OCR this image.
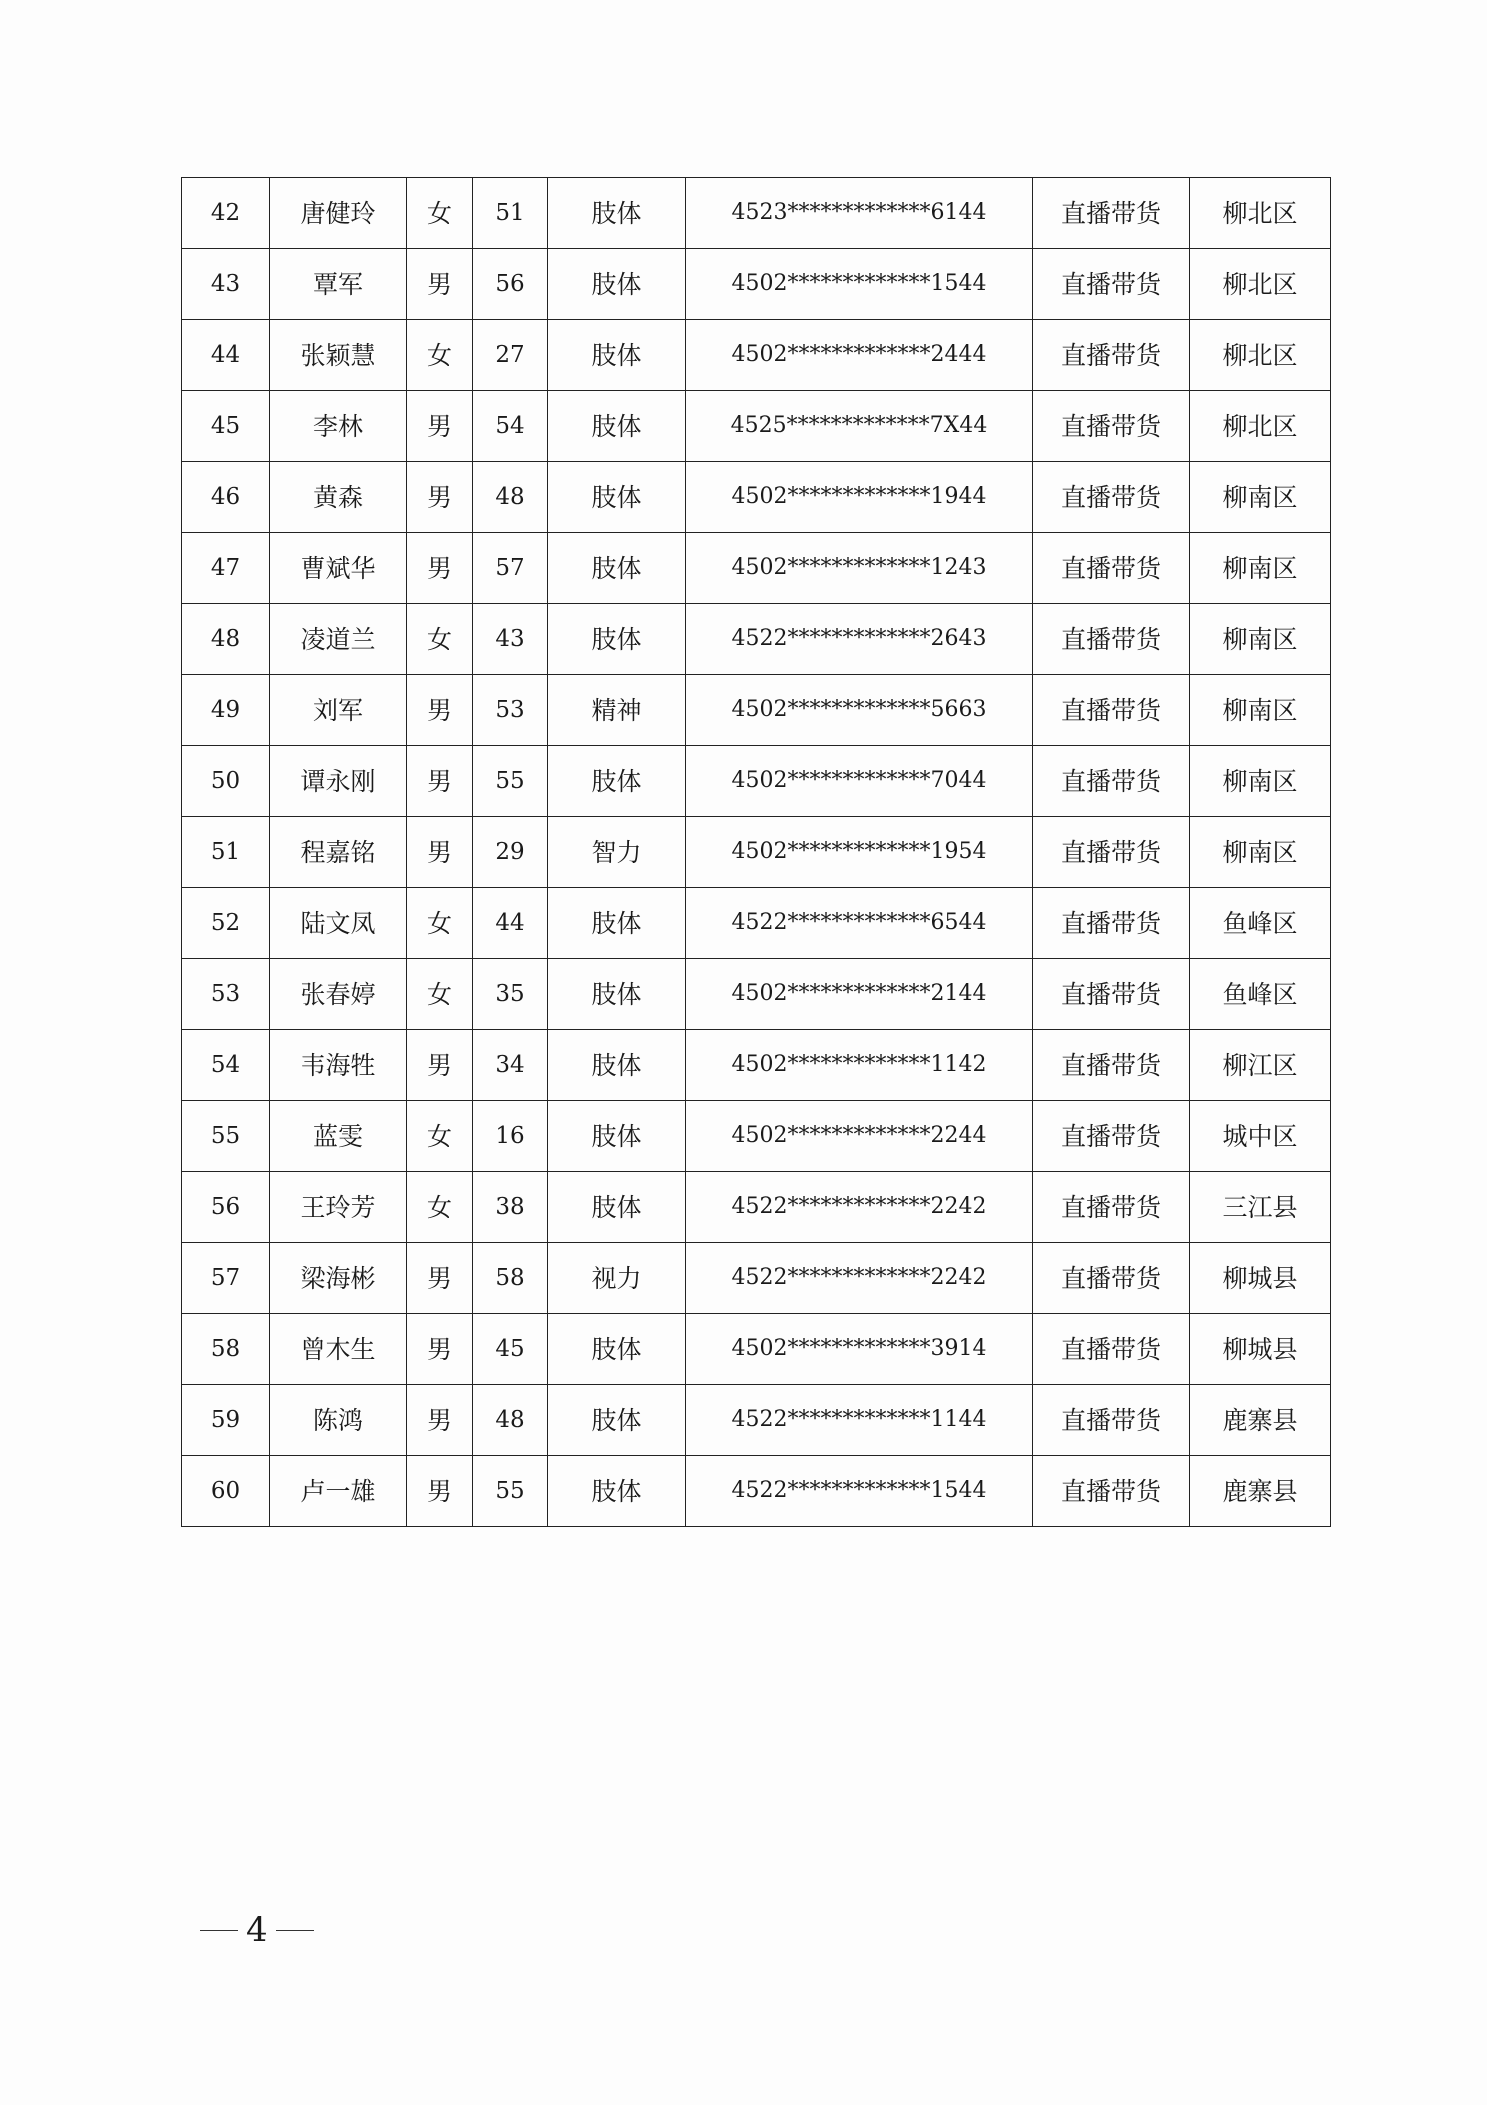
42	唐健玲	女	51	肢体	4523*************6144	直播带货	柳北区
43	覃军	男	56	肢体	4502*************1544	直播带货	柳北区
44	张颖慧	女	27	肢体	4502*************2444	直播带货	柳北区
45	李林	男	54	肢体	4525*************7X44	直播带货	柳北区
46	黄森	男	48	肢体	4502*************1944	直播带货	柳南区
47	曹斌华	男	57	肢体	4502*************1243	直播带货	柳南区
48	凌道兰	女	43	肢体	4522*************2643	直播带货	柳南区
49	刘军	男	53	精神	4502*************5663	直播带货	柳南区
50	谭永刚	男	55	肢体	4502*************7044	直播带货	柳南区
51	程嘉铭	男	29	智力	4502*************1954	直播带货	柳南区
52	陆文凤	女	44	肢体	4522*************6544	直播带货	鱼峰区
53	张春婷	女	35	肢体	4502*************2144	直播带货	鱼峰区
54	韦海牲	男	34	肢体	4502*************1142	直播带货	柳江区
55	蓝雯	女	16	肢体	4502*************2244	直播带货	城中区
56	王玲芳	女	38	肢体	4522*************2242	直播带货	三江县
57	梁海彬	男	58	视力	4522*************2242	直播带货	柳城县
58	曾木生	男	45	肢体	4502*************3914	直播带货	柳城县
59	陈鸿	男	48	肢体	4522*************1144	直播带货	鹿寨县
60	卢一雄	男	55	肢体	4522*************1544	直播带货	鹿寨县
4
